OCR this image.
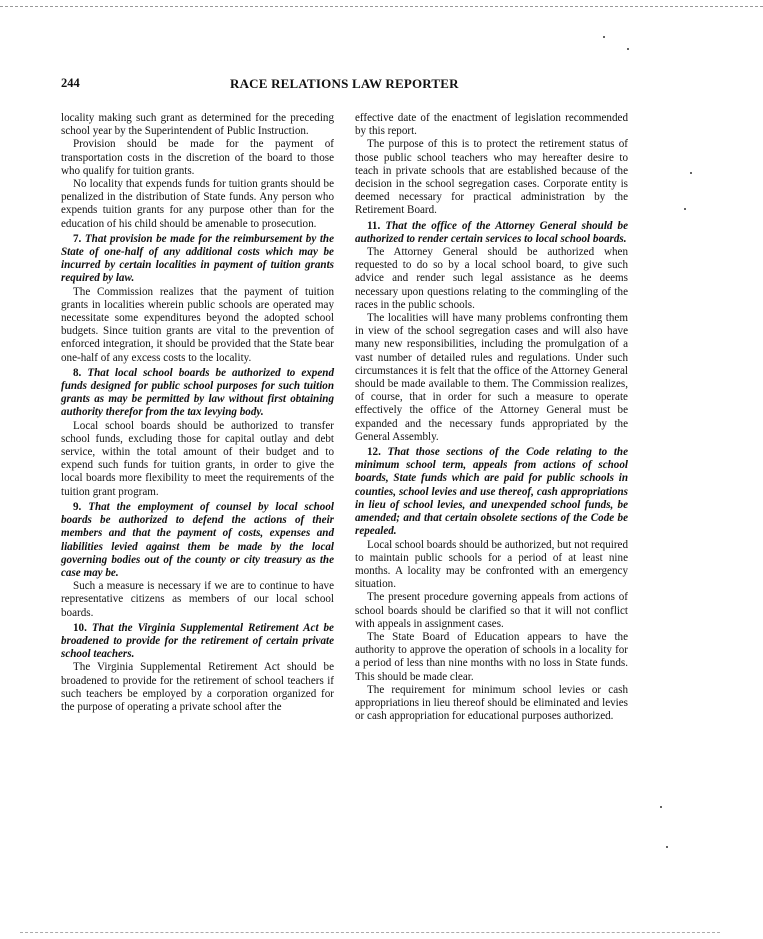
244	RACE RELATIONS LAW REPORTER

locality making such grant as determined for the preceding school year by the Superintendent of Public Instruction.

Provision should be made for the payment of transportation costs in the discretion of the board to those who qualify for tuition grants.

No locality that expends funds for tuition grants should be penalized in the distribution of State funds. Any person who expends tuition grants for any purpose other than for the education of his child should be amenable to prosecution.

7. That provision be made for the reimbursement by the State of one-half of any additional costs which may be incurred by certain localities in payment of tuition grants required by law.

The Commission realizes that the payment of tuition grants in localities wherein public schools are operated may necessitate some expenditures beyond the adopted school budgets. Since tuition grants are vital to the prevention of enforced integration, it should be provided that the State bear one-half of any excess costs to the locality.

8. That local school boards be authorized to expend funds designed for public school purposes for such tuition grants as may be permitted by law without first obtaining authority therefor from the tax levying body.

Local school boards should be authorized to transfer school funds, excluding those for capital outlay and debt service, within the total amount of their budget and to expend such funds for tuition grants, in order to give the local boards more flexibility to meet the requirements of the tuition grant program.

9. That the employment of counsel by local school boards be authorized to defend the actions of their members and that the payment of costs, expenses and liabilities levied against them be made by the local governing bodies out of the county or city treasury as the case may be.

Such a measure is necessary if we are to continue to have representative citizens as members of our local school boards.

10. That the Virginia Supplemental Retirement Act be broadened to provide for the retirement of certain private school teachers.

The Virginia Supplemental Retirement Act should be broadened to provide for the retirement of school teachers if such teachers be employed by a corporation organized for the purpose of operating a private school after the

effective date of the enactment of legislation recommended by this report.

The purpose of this is to protect the retirement status of those public school teachers who may hereafter desire to teach in private schools that are established because of the decision in the school segregation cases. Corporate entity is deemed necessary for practical administration by the Retirement Board.

11. That the office of the Attorney General should be authorized to render certain services to local school boards.

The Attorney General should be authorized when requested to do so by a local school board, to give such advice and render such legal assistance as he deems necessary upon questions relating to the commingling of the races in the public schools.

The localities will have many problems confronting them in view of the school segregation cases and will also have many new responsibilities, including the promulgation of a vast number of detailed rules and regulations. Under such circumstances it is felt that the office of the Attorney General should be made available to them. The Commission realizes, of course, that in order for such a measure to operate effectively the office of the Attorney General must be expanded and the necessary funds appropriated by the General Assembly.

12. That those sections of the Code relating to the minimum school term, appeals from actions of school boards, State funds which are paid for public schools in counties, school levies and use thereof, cash appropriations in lieu of school levies, and unexpended school funds, be amended; and that certain obsolete sections of the Code be repealed.

Local school boards should be authorized, but not required to maintain public schools for a period of at least nine months. A locality may be confronted with an emergency situation.

The present procedure governing appeals from actions of school boards should be clarified so that it will not conflict with appeals in assignment cases.

The State Board of Education appears to have the authority to approve the operation of schools in a locality for a period of less than nine months with no loss in State funds. This should be made clear.

The requirement for minimum school levies or cash appropriations in lieu thereof should be eliminated and levies or cash appropriation for educational purposes authorized.
